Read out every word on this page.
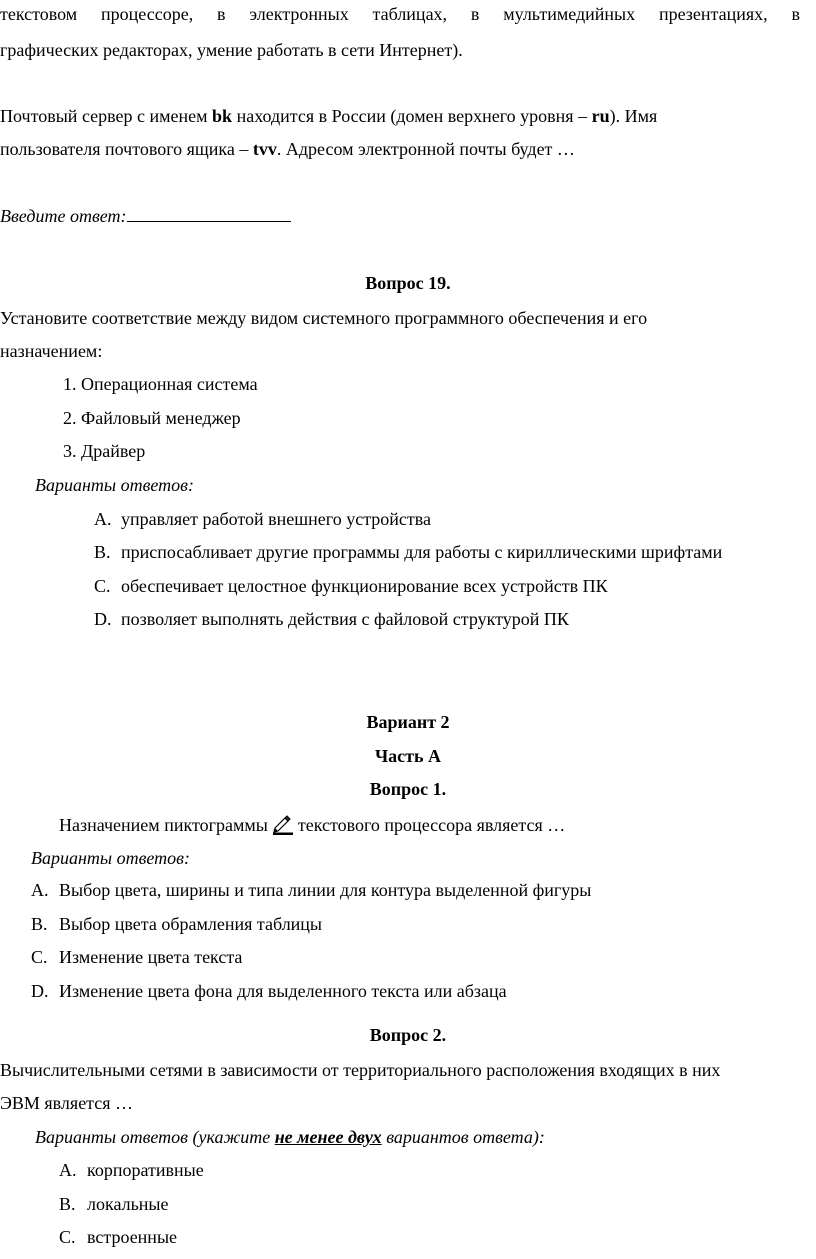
текстовом процессоре, в электронных таблицах, в мультимедийных презентациях, в
графических редакторах, умение работать в сети Интернет).
Почтовый сервер с именем bk находится в России (домен верхнего уровня – ru). Имя
пользователя почтового ящика – tvv. Адресом электронной почты будет …
Введите ответ:
Вопрос 19.
Установите соответствие между видом системного программного обеспечения и его
назначением:
1. Операционная система
2. Файловый менеджер
3. Драйвер
Варианты ответов:
A. управляет работой внешнего устройства
B. приспосабливает другие программы для работы с кириллическими шрифтами
C. обеспечивает целостное функционирование всех устройств ПК
D. позволяет выполнять действия с файловой структурой ПК
Вариант 2
Часть А
Вопрос 1.
Назначением пиктограммы текстового процессора является …
Варианты ответов:
A. Выбор цвета, ширины и типа линии для контура выделенной фигуры
B. Выбор цвета обрамления таблицы
C. Изменение цвета текста
D. Изменение цвета фона для выделенного текста или абзаца
Вопрос 2.
Вычислительными сетями в зависимости от территориального расположения входящих в них
ЭВМ является …
Варианты ответов (укажите не менее двух вариантов ответа):
A. корпоративные
B. локальные
C. встроенные
